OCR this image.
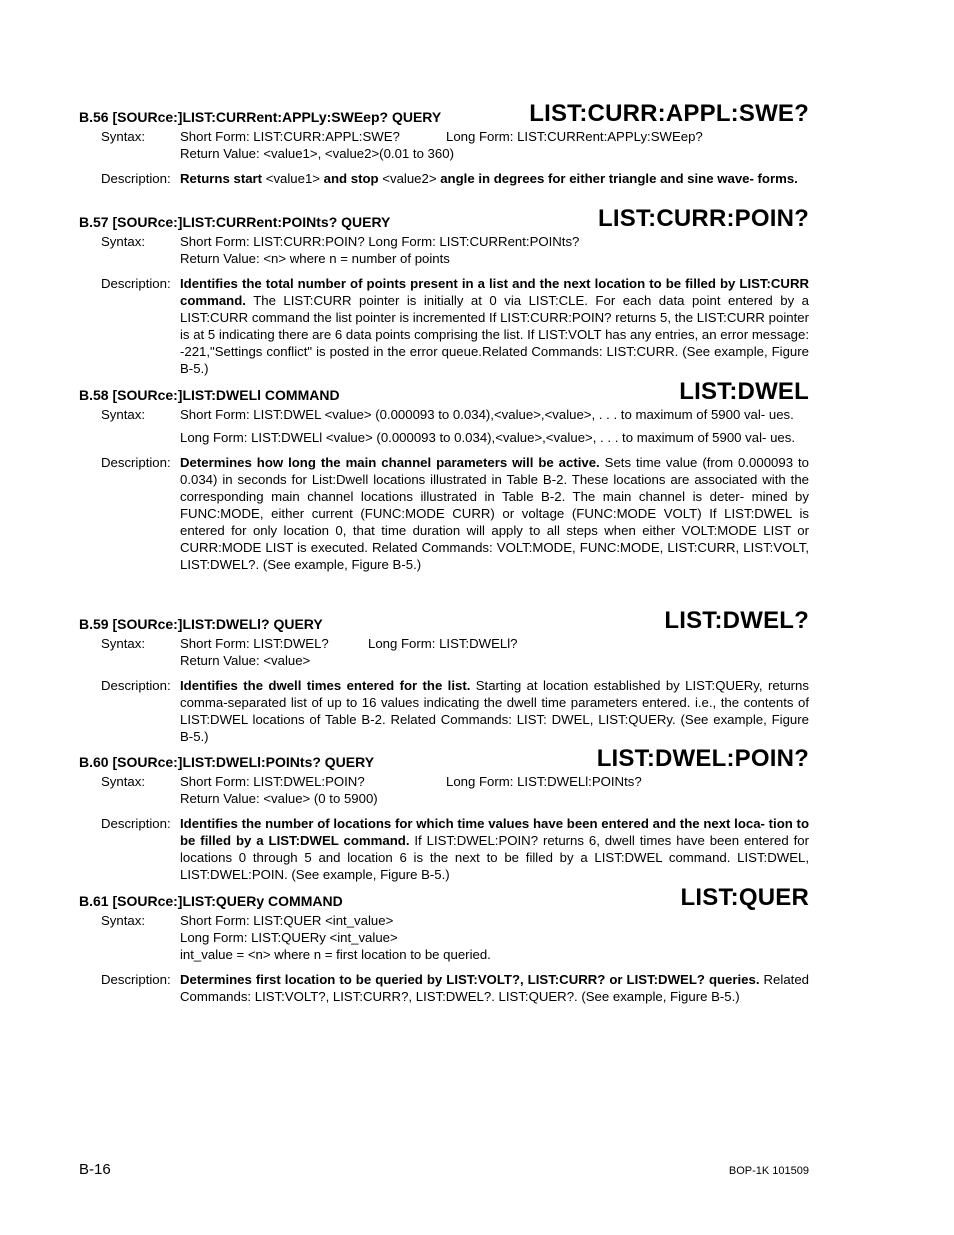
B.56 [SOURce:]LIST:CURRent:APPLy:SWEep? QUERY	LIST:CURR:APPL:SWE?
Syntax:	Short Form: LIST:CURR:APPL:SWE?	Long Form: LIST:CURRent:APPLy:SWEep?
Return Value: <value1>, <value2>(0.01 to 360)
Description: Returns start <value1> and stop <value2> angle in degrees for either triangle and sine wave- forms.
B.57 [SOURce:]LIST:CURRent:POINts? QUERY	LIST:CURR:POIN?
Syntax:	Short Form: LIST:CURR:POIN? Long Form: LIST:CURRent:POINts?
Return Value: <n> where n = number of points
Description: Identifies the total number of points present in a list and the next location to be filled by LIST:CURR command. The LIST:CURR pointer is initially at 0 via LIST:CLE. For each data point entered by a LIST:CURR command the list pointer is incremented If LIST:CURR:POIN? returns 5, the LIST:CURR pointer is at 5 indicating there are 6 data points comprising the list. If LIST:VOLT has any entries, an error message: -221,"Settings conflict" is posted in the error queue.Related Commands: LIST:CURR. (See example, Figure B-5.)
B.58 [SOURce:]LIST:DWELl COMMAND	LIST:DWEL
Syntax:	Short Form: LIST:DWEL <value> (0.000093 to 0.034),<value>,<value>, . . . to maximum of 5900 val- ues.
Long Form: LIST:DWELl <value> (0.000093 to 0.034),<value>,<value>, . . . to maximum of 5900 val- ues.
Description: Determines how long the main channel parameters will be active. Sets time value (from 0.000093 to 0.034) in seconds for List:Dwell locations illustrated in Table B-2. These locations are associated with the corresponding main channel locations illustrated in Table B-2. The main channel is deter- mined by FUNC:MODE, either current (FUNC:MODE CURR) or voltage (FUNC:MODE VOLT) If LIST:DWEL is entered for only location 0, that time duration will apply to all steps when either VOLT:MODE LIST or CURR:MODE LIST is executed. Related Commands: VOLT:MODE, FUNC:MODE, LIST:CURR, LIST:VOLT, LIST:DWEL?. (See example, Figure B-5.)
B.59 [SOURce:]LIST:DWELl? QUERY	LIST:DWEL?
Syntax:	Short Form: LIST:DWEL?	Long Form: LIST:DWELl?
Return Value: <value>
Description: Identifies the dwell times entered for the list. Starting at location established by LIST:QUERy, returns comma-separated list of up to 16 values indicating the dwell time parameters entered. i.e., the contents of LIST:DWEL locations of Table B-2. Related Commands: LIST: DWEL, LIST:QUERy. (See example, Figure B-5.)
B.60 [SOURce:]LIST:DWELl:POINts? QUERY	LIST:DWEL:POIN?
Syntax:	Short Form: LIST:DWEL:POIN?	Long Form: LIST:DWELl:POINts?
Return Value: <value> (0 to 5900)
Description: Identifies the number of locations for which time values have been entered and the next loca- tion to be filled by a LIST:DWEL command. If LIST:DWEL:POIN? returns 6, dwell times have been entered for locations 0 through 5 and location 6 is the next to be filled by a LIST:DWEL command. LIST:DWEL, LIST:DWEL:POIN. (See example, Figure B-5.)
B.61 [SOURce:]LIST:QUERy COMMAND	LIST:QUER
Syntax:	Short Form: LIST:QUER <int_value>
Long Form: LIST:QUERy <int_value>
int_value = <n> where n = first location to be queried.
Description: Determines first location to be queried by LIST:VOLT?, LIST:CURR? or LIST:DWEL? queries. Related Commands: LIST:VOLT?, LIST:CURR?, LIST:DWEL?. LIST:QUER?. (See example, Figure B-5.)
B-16	BOP-1K 101509
